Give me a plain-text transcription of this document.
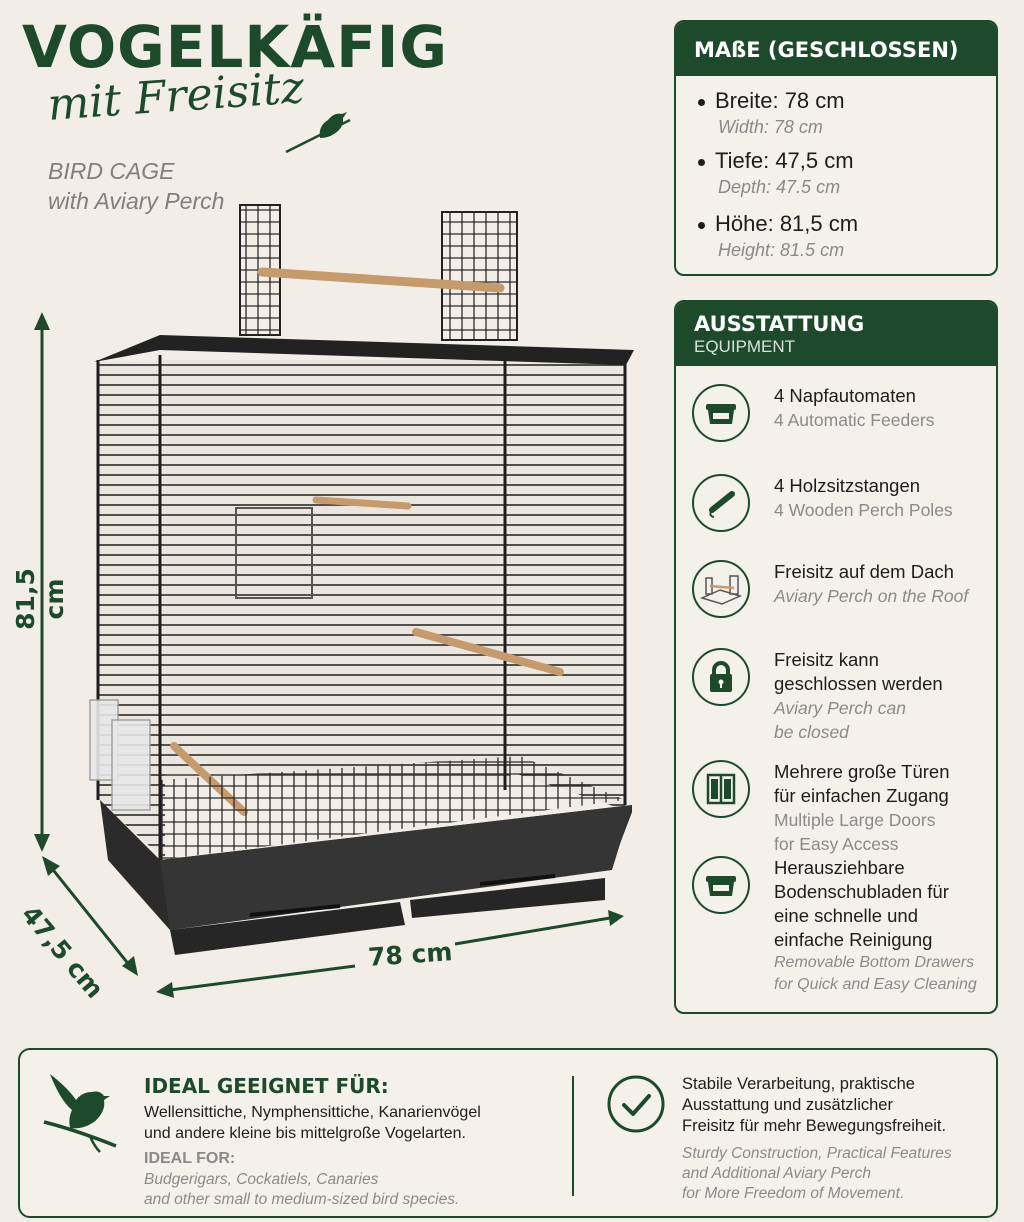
VOGELKÄFIG
mit Freisitz
BIRD CAGE
with Aviary Perch
81,5 cm
47,5 cm	78 cm
MAßE (GESCHLOSSEN)
Breite: 78 cm
Width: 78 cm
Tiefe: 47,5 cm
Depth: 47.5 cm
Höhe: 81,5 cm
Height: 81.5 cm
AUSSTATTUNG
EQUIPMENT
4 Napfautomaten
4 Automatic Feeders
4 Holzsitzstangen
4 Wooden Perch Poles
Freisitz auf dem Dach
Aviary Perch on the Roof
Freisitz kann
geschlossen werden
Aviary Perch can
be closed
Mehrere große Türen
für einfachen Zugang
Multiple Large Doors
for Easy Access
Herausziehbare
Bodenschubladen für
eine schnelle und
einfache Reinigung
Removable Bottom Drawers
for Quick and Easy Cleaning
IDEAL GEEIGNET FÜR:
Wellensittiche, Nymphensittiche, Kanarienvögel
und andere kleine bis mittelgroße Vogelarten.
IDEAL FOR:
Budgerigars, Cockatiels, Canaries
and other small to medium-sized bird species.
Stabile Verarbeitung, praktische
Ausstattung und zusätzlicher
Freisitz für mehr Bewegungsfreiheit.
Sturdy Construction, Practical Features
and Additional Aviary Perch
for More Freedom of Movement.
